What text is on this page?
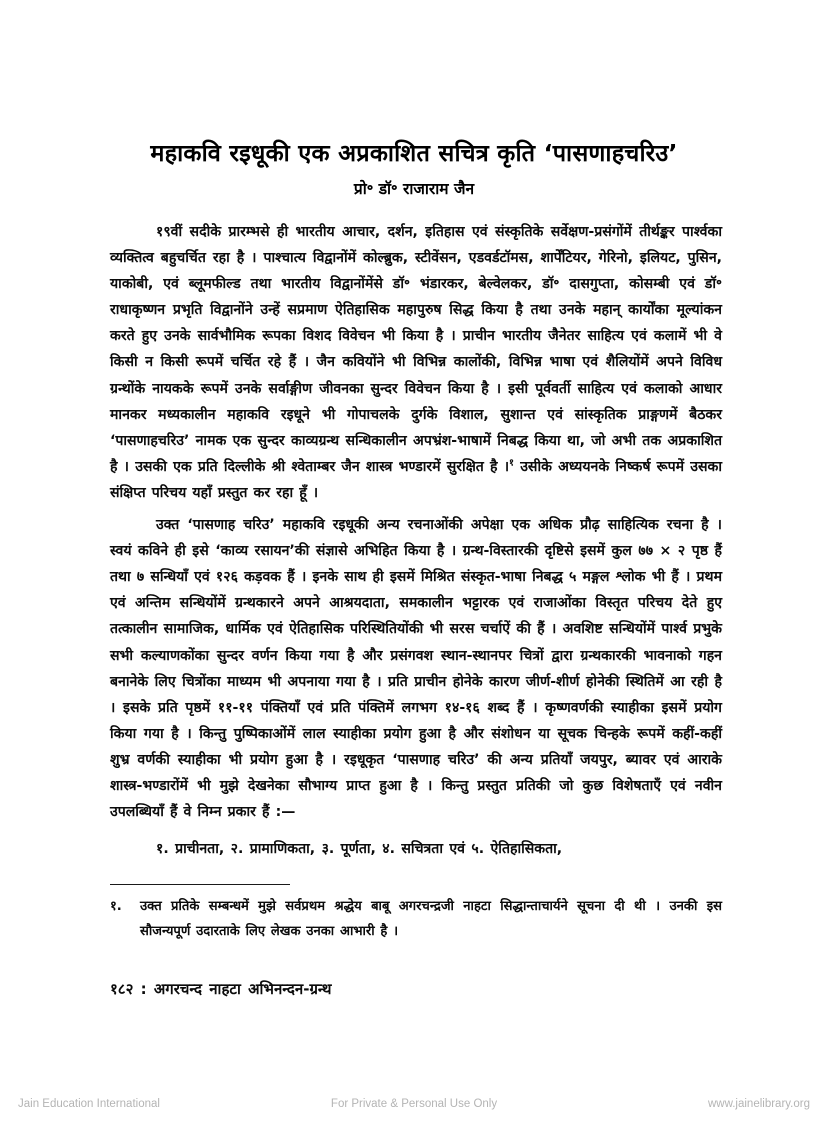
महाकवि रइधूकी एक अप्रकाशित सचित्र कृति ‘पासणाहचरिउ’
प्रो॰ डॉ॰ राजाराम जैन

१९वीं सदीके प्रारम्भसे ही भारतीय आचार, दर्शन, इतिहास एवं संस्कृतिके सर्वेक्षण-प्रसंगोंमें तीर्थङ्कर पार्श्वका व्यक्तित्व बहुचर्चित रहा है । पाश्चात्य विद्वानोंमें कोल्ब्रुक, स्टीवेंसन, एडवर्डटॉमस, शार्पेंटियर, गेरिनो, इलियट, पुसिन, याकोबी, एवं ब्लूमफील्ड तथा भारतीय विद्वानोंमेंसे डॉ॰ भंडारकर, बेल्वेलकर, डॉ॰ दासगुप्ता, कोसम्बी एवं डॉ॰ राधाकृष्णन प्रभृति विद्वानोंने उन्हें सप्रमाण ऐतिहासिक महापुरुष सिद्ध किया है तथा उनके महान् कार्योंका मूल्यांकन करते हुए उनके सार्वभौमिक रूपका विशद विवेचन भी किया है । प्राचीन भारतीय जैनेतर साहित्य एवं कलामें भी वे किसी न किसी रूपमें चर्चित रहे हैं । जैन कवियोंने भी विभिन्न कालोंकी, विभिन्न भाषा एवं शैलियोंमें अपने विविध ग्रन्थोंके नायकके रूपमें उनके सर्वाङ्गीण जीवनका सुन्दर विवेचन किया है । इसी पूर्ववर्ती साहित्य एवं कलाको आधार मानकर मध्यकालीन महाकवि रइधूने भी गोपाचलके दुर्गके विशाल, सुशान्त एवं सांस्कृतिक प्राङ्गणमें बैठकर ‘पासणाहचरिउ’ नामक एक सुन्दर काव्यग्रन्थ सन्धिकालीन अपभ्रंश-भाषामें निबद्ध किया था, जो अभी तक अप्रकाशित है । उसकी एक प्रति दिल्लीके श्री श्वेताम्बर जैन शास्त्र भण्डारमें सुरक्षित है ।$^१$ उसीके अध्ययनके निष्कर्ष रूपमें उसका संक्षिप्त परिचय यहाँ प्रस्तुत कर रहा हूँ ।

उक्त ‘पासणाह चरिउ’ महाकवि रइधूकी अन्य रचनाओंकी अपेक्षा एक अधिक प्रौढ़ साहित्यिक रचना है । स्वयं कविने ही इसे ‘काव्य रसायन’की संज्ञासे अभिहित किया है । ग्रन्थ-विस्तारकी दृष्टिसे इसमें कुल ७७ × २ पृष्ठ हैं तथा ७ सन्धियाँ एवं १२६ कड़वक हैं । इनके साथ ही इसमें मिश्रित संस्कृत-भाषा निबद्ध ५ मङ्गल श्लोक भी हैं । प्रथम एवं अन्तिम सन्धियोंमें ग्रन्थकारने अपने आश्रयदाता, समकालीन भट्टारक एवं राजाओंका विस्तृत परिचय देते हुए तत्कालीन सामाजिक, धार्मिक एवं ऐतिहासिक परिस्थितियोंकी भी सरस चर्चाऐं की हैं । अवशिष्ट सन्धियोंमें पार्श्व प्रभुके सभी कल्याणकोंका सुन्दर वर्णन किया गया है और प्रसंगवश स्थान-स्थानपर चित्रों द्वारा ग्रन्थकारकी भावनाको गहन बनानेके लिए चित्रोंका माध्यम भी अपनाया गया है । प्रति प्राचीन होनेके कारण जीर्ण-शीर्ण होनेकी स्थितिमें आ रही है । इसके प्रति पृष्ठमें ११-११ पंक्तियाँ एवं प्रति पंक्तिमें लगभग १४-१६ शब्द हैं । कृष्णवर्णकी स्याहीका इसमें प्रयोग किया गया है । किन्तु पुष्पिकाओंमें लाल स्याहीका प्रयोग हुआ है और संशोधन या सूचक चिन्हके रूपमें कहीं-कहीं शुभ्र वर्णकी स्याहीका भी प्रयोग हुआ है । रइधूकृत ‘पासणाह चरिउ’ की अन्य प्रतियाँ जयपुर, ब्यावर एवं आराके शास्त्र-भण्डारोंमें भी मुझे देखनेका सौभाग्य प्राप्त हुआ है । किन्तु प्रस्तुत प्रतिकी जो कुछ विशेषताएँ एवं नवीन उपलब्धियाँ हैं वे निम्न प्रकार हैं :—

१. प्राचीनता, २. प्रामाणिकता, ३. पूर्णता, ४. सचित्रता एवं ५. ऐतिहासिकता,

१.	उक्त प्रतिके सम्बन्धमें मुझे सर्वप्रथम श्रद्धेय बाबू अगरचन्द्रजी नाहटा सिद्धान्ताचार्यने सूचना दी थी । उनकी इस सौजन्यपूर्ण उदारताके लिए लेखक उनका आभारी है ।
१८२ : अगरचन्द नाहटा अभिनन्दन-ग्रन्थ
Jain Education International	For Private & Personal Use Only	www.jainelibrary.org
